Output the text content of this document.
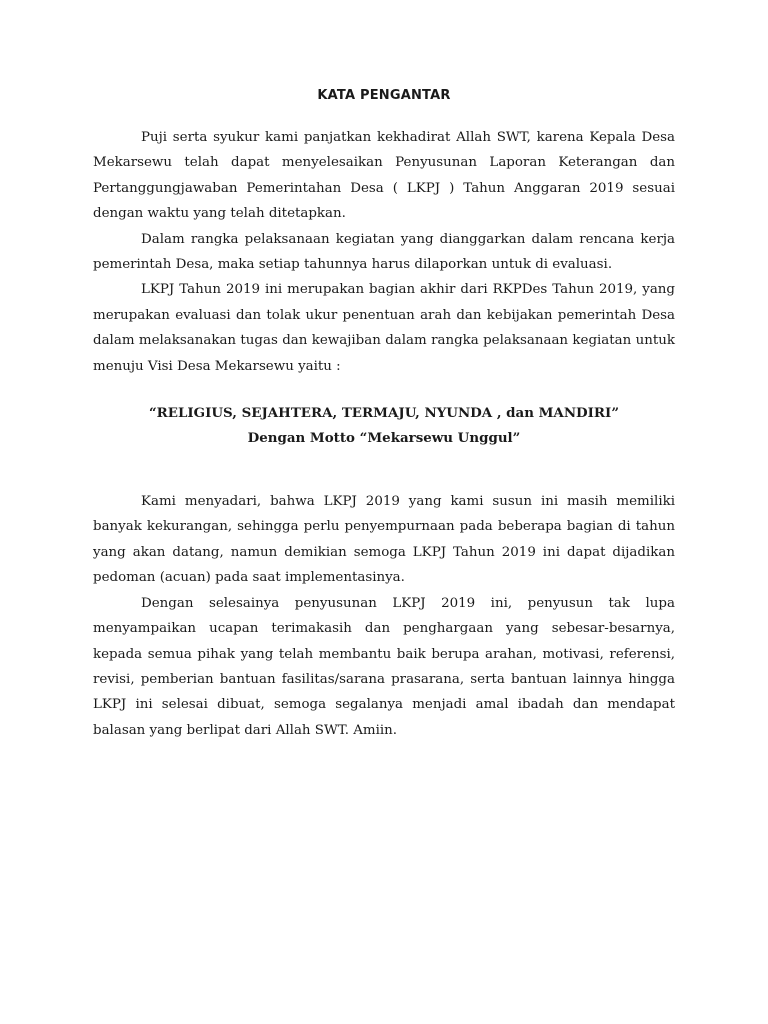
KATA PENGANTAR

Puji serta syukur kami panjatkan kekhadirat Allah SWT, karena Kepala Desa Mekarsewu telah dapat menyelesaikan Penyusunan Laporan Keterangan dan Pertanggungjawaban Pemerintahan Desa ( LKPJ ) Tahun Anggaran 2019 sesuai dengan waktu yang telah ditetapkan.

Dalam rangka pelaksanaan kegiatan yang dianggarkan dalam rencana kerja pemerintah Desa, maka setiap tahunnya harus dilaporkan untuk di evaluasi.

LKPJ Tahun 2019 ini merupakan bagian akhir dari RKPDes Tahun 2019, yang merupakan evaluasi dan tolak ukur penentuan arah dan kebijakan pemerintah Desa dalam melaksanakan tugas dan kewajiban dalam rangka pelaksanaan kegiatan untuk menuju Visi Desa Mekarsewu yaitu :

“RELIGIUS, SEJAHTERA, TERMAJU, NYUNDA , dan MANDIRI”

Dengan Motto “Mekarsewu Unggul”

Kami menyadari, bahwa LKPJ 2019 yang kami susun ini masih memiliki banyak kekurangan, sehingga perlu penyempurnaan pada beberapa bagian di tahun yang akan datang, namun demikian semoga LKPJ Tahun 2019 ini dapat dijadikan pedoman (acuan) pada saat implementasinya.

Dengan selesainya penyusunan LKPJ 2019 ini, penyusun tak lupa menyampaikan ucapan terimakasih dan penghargaan yang sebesar-besarnya, kepada semua pihak yang telah membantu baik berupa arahan, motivasi, referensi, revisi, pemberian bantuan fasilitas/sarana prasarana, serta bantuan lainnya hingga LKPJ ini selesai dibuat, semoga segalanya menjadi amal ibadah dan mendapat balasan yang berlipat dari Allah SWT. Amiin.
